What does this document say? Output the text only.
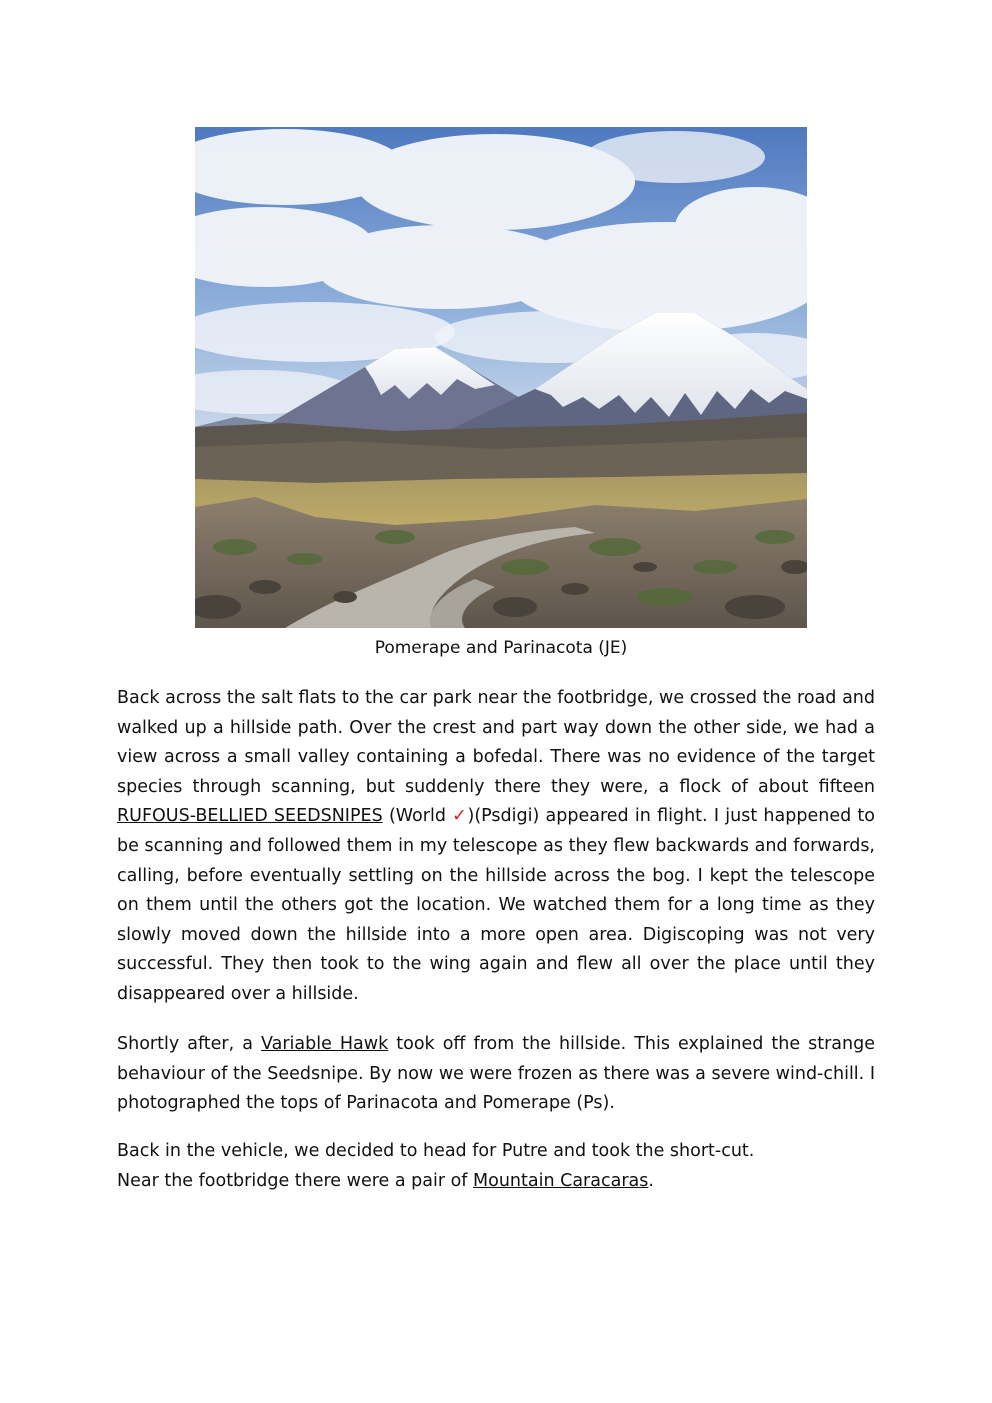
Pomerape and Parinacota (JE)

Back across the salt flats to the car park near the footbridge, we crossed the road and walked up a hillside path. Over the crest and part way down the other side, we had a view across a small valley containing a bofedal. There was no evidence of the target species through scanning, but suddenly there they were, a flock of about fifteen RUFOUS-BELLIED SEEDSNIPES (World ✓)(Psdigi) appeared in flight. I just happened to be scanning and followed them in my telescope as they flew backwards and forwards, calling, before eventually settling on the hillside across the bog. I kept the telescope on them until the others got the location. We watched them for a long time as they slowly moved down the hillside into a more open area. Digiscoping was not very successful. They then took to the wing again and flew all over the place until they disappeared over a hillside.

Shortly after, a Variable Hawk took off from the hillside. This explained the strange behaviour of the Seedsnipe. By now we were frozen as there was a severe wind-chill. I photographed the tops of Parinacota and Pomerape (Ps).

Back in the vehicle, we decided to head for Putre and took the short-cut.
Near the footbridge there were a pair of Mountain Caracaras.
